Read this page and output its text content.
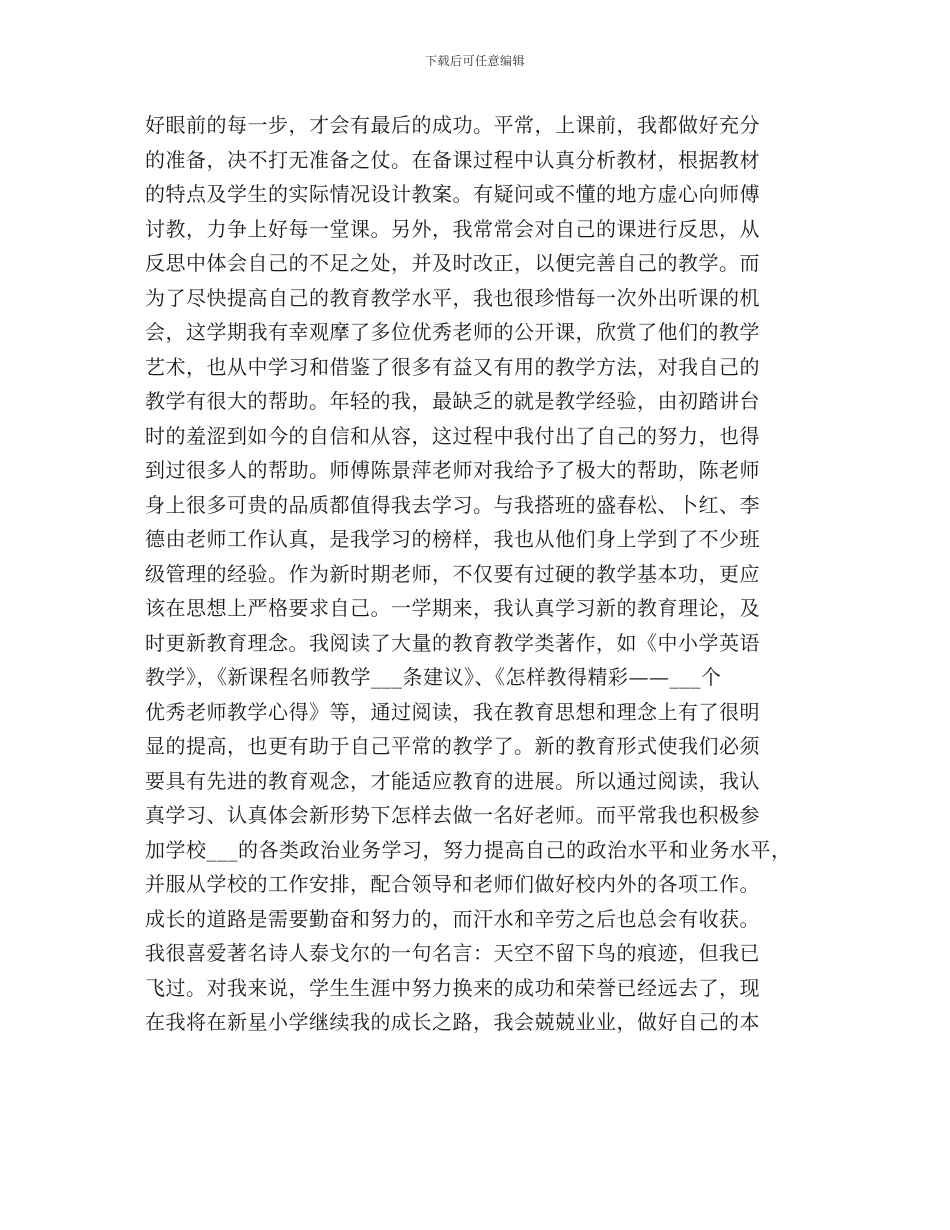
下载后可任意编辑
好眼前的每一步，才会有最后的成功。平常，上课前，我都做好充分
的准备，决不打无准备之仗。在备课过程中认真分析教材，根据教材
的特点及学生的实际情况设计教案。有疑问或不懂的地方虚心向师傅
讨教，力争上好每一堂课。另外，我常常会对自己的课进行反思，从
反思中体会自己的不足之处，并及时改正，以便完善自己的教学。而
为了尽快提高自己的教育教学水平，我也很珍惜每一次外出听课的机
会，这学期我有幸观摩了多位优秀老师的公开课，欣赏了他们的教学
艺术，也从中学习和借鉴了很多有益又有用的教学方法，对我自己的
教学有很大的帮助。年轻的我，最缺乏的就是教学经验，由初踏讲台
时的羞涩到如今的自信和从容，这过程中我付出了自己的努力，也得
到过很多人的帮助。师傅陈景萍老师对我给予了极大的帮助，陈老师
身上很多可贵的品质都值得我去学习。与我搭班的盛春松、卜红、李
德由老师工作认真，是我学习的榜样，我也从他们身上学到了不少班
级管理的经验。作为新时期老师，不仅要有过硬的教学基本功，更应
该在思想上严格要求自己。一学期来，我认真学习新的教育理论，及
时更新教育理念。我阅读了大量的教育教学类著作，如《中小学英语
教学》，《新课程名师教学___条建议》、《怎样教得精彩——___个
优秀老师教学心得》等，通过阅读，我在教育思想和理念上有了很明
显的提高，也更有助于自己平常的教学了。新的教育形式使我们必须
要具有先进的教育观念，才能适应教育的进展。所以通过阅读，我认
真学习、认真体会新形势下怎样去做一名好老师。而平常我也积极参
加学校___的各类政治业务学习，努力提高自己的政治水平和业务水平，
并服从学校的工作安排，配合领导和老师们做好校内外的各项工作。
成长的道路是需要勤奋和努力的，而汗水和辛劳之后也总会有收获。
我很喜爱著名诗人泰戈尔的一句名言：天空不留下鸟的痕迹，但我已
飞过。对我来说，学生生涯中努力换来的成功和荣誉已经远去了，现
在我将在新星小学继续我的成长之路，我会兢兢业业，做好自己的本
